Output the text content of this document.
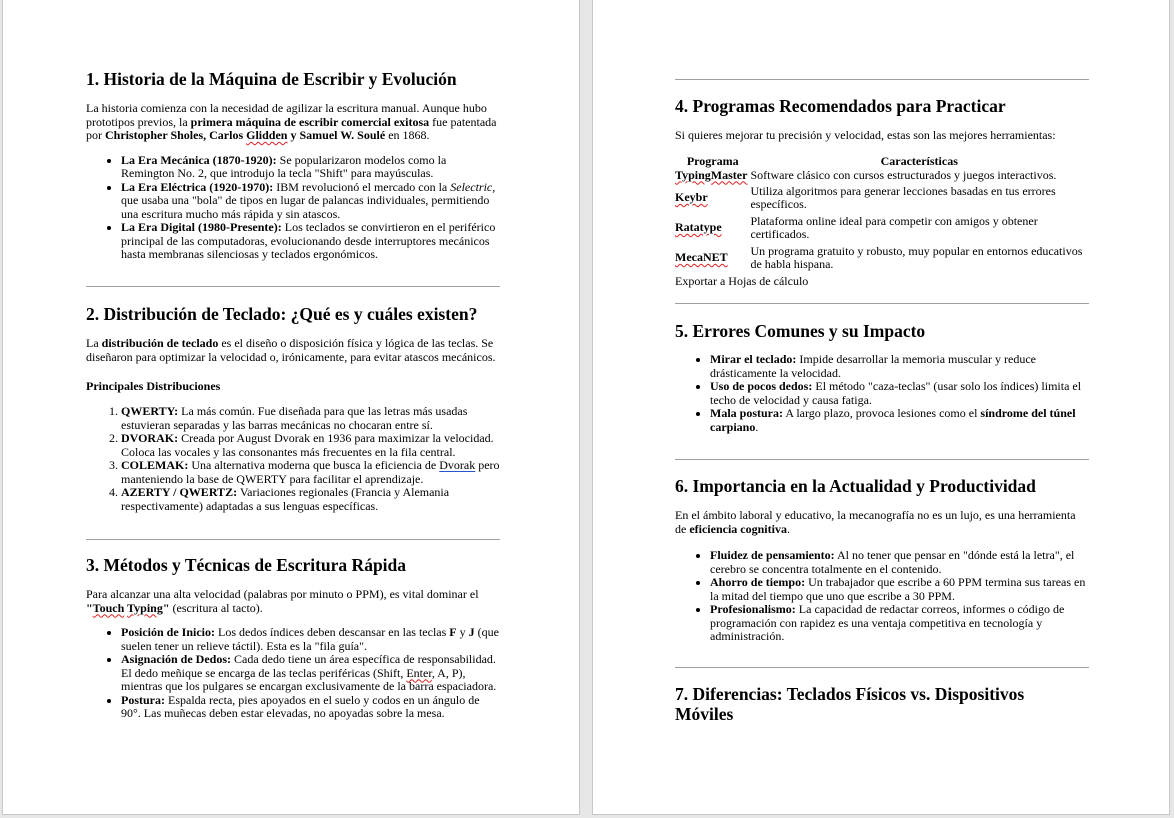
1. Historia de la Máquina de Escribir y Evolución

La historia comienza con la necesidad de agilizar la escritura manual. Aunque hubo prototipos previos, la primera máquina de escribir comercial exitosa fue patentada por Christopher Sholes, Carlos Glidden y Samuel W. Soulé en 1868.

• La Era Mecánica (1870-1920): Se popularizaron modelos como la Remington No. 2, que introdujo la tecla "Shift" para mayúsculas.
• La Era Eléctrica (1920-1970): IBM revolucionó el mercado con la Selectric, que usaba una "bola" de tipos en lugar de palancas individuales, permitiendo una escritura mucho más rápida y sin atascos.
• La Era Digital (1980-Presente): Los teclados se convirtieron en el periférico principal de las computadoras, evolucionando desde interruptores mecánicos hasta membranas silenciosas y teclados ergonómicos.
2. Distribución de Teclado: ¿Qué es y cuáles existen?

La distribución de teclado es el diseño o disposición física y lógica de las teclas. Se diseñaron para optimizar la velocidad o, irónicamente, para evitar atascos mecánicos.

Principales Distribuciones
1. QWERTY: La más común. Fue diseñada para que las letras más usadas estuvieran separadas y las barras mecánicas no chocaran entre sí.
2. DVORAK: Creada por August Dvorak en 1936 para maximizar la velocidad. Coloca las vocales y las consonantes más frecuentes en la fila central.
3. COLEMAK: Una alternativa moderna que busca la eficiencia de Dvorak pero manteniendo la base de QWERTY para facilitar el aprendizaje.
4. AZERTY / QWERTZ: Variaciones regionales (Francia y Alemania respectivamente) adaptadas a sus lenguas específicas.
3. Métodos y Técnicas de Escritura Rápida

Para alcanzar una alta velocidad (palabras por minuto o PPM), es vital dominar el "Touch Typing" (escritura al tacto).

• Posición de Inicio: Los dedos índices deben descansar en las teclas F y J (que suelen tener un relieve táctil). Esta es la "fila guía".
• Asignación de Dedos: Cada dedo tiene un área específica de responsabilidad. El dedo meñique se encarga de las teclas periféricas (Shift, Enter, A, P), mientras que los pulgares se encargan exclusivamente de la barra espaciadora.
• Postura: Espalda recta, pies apoyados en el suelo y codos en un ángulo de 90°. Las muñecas deben estar elevadas, no apoyadas sobre la mesa.
4. Programas Recomendados para Practicar

Si quieres mejorar tu precisión y velocidad, estas son las mejores herramientas:

Programa	Características
TypingMaster	Software clásico con cursos estructurados y juegos interactivos.
Keybr	Utiliza algoritmos para generar lecciones basadas en tus errores específicos.
Ratatype	Plataforma online ideal para competir con amigos y obtener certificados.
MecaNET	Un programa gratuito y robusto, muy popular en entornos educativos de habla hispana.

Exportar a Hojas de cálculo

5. Errores Comunes y su Impacto
• Mirar el teclado: Impide desarrollar la memoria muscular y reduce drásticamente la velocidad.
• Uso de pocos dedos: El método "caza-teclas" (usar solo los índices) limita el techo de velocidad y causa fatiga.
• Mala postura: A largo plazo, provoca lesiones como el síndrome del túnel carpiano.
6. Importancia en la Actualidad y Productividad

En el ámbito laboral y educativo, la mecanografía no es un lujo, es una herramienta de eficiencia cognitiva.

• Fluidez de pensamiento: Al no tener que pensar en "dónde está la letra", el cerebro se concentra totalmente en el contenido.
• Ahorro de tiempo: Un trabajador que escribe a 60 PPM termina sus tareas en la mitad del tiempo que uno que escribe a 30 PPM.
• Profesionalismo: La capacidad de redactar correos, informes o código de programación con rapidez es una ventaja competitiva en tecnología y administración.
7. Diferencias: Teclados Físicos vs. Dispositivos Móviles
